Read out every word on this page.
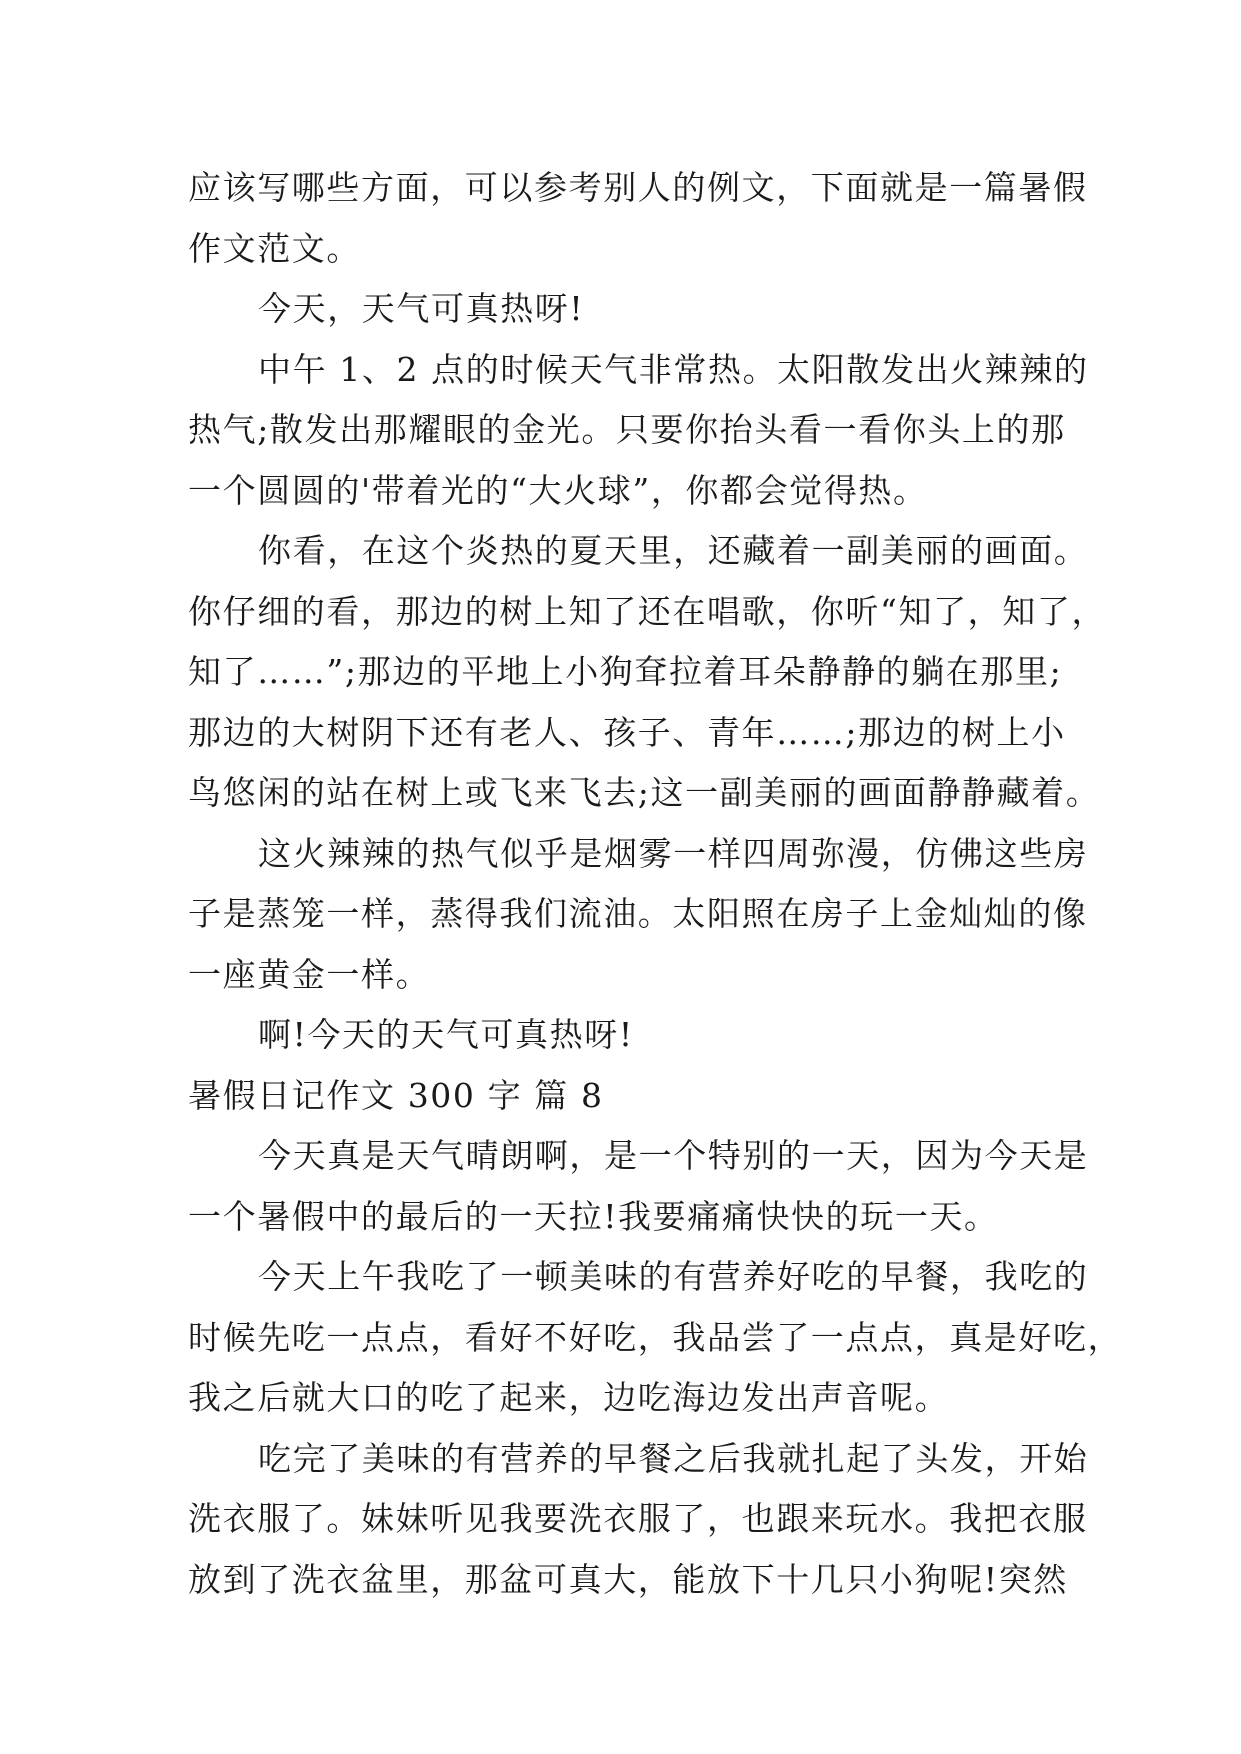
应该写哪些方面，可以参考别人的例文，下面就是一篇暑假
作文范文。
今天，天气可真热呀!
中午 1、2 点的时候天气非常热。太阳散发出火辣辣的
热气;散发出那耀眼的金光。只要你抬头看一看你头上的那
一个圆圆的'带着光的“大火球”，你都会觉得热。
你看，在这个炎热的夏天里，还藏着一副美丽的画面。
你仔细的看，那边的树上知了还在唱歌，你听“知了，知了，
知了……”;那边的平地上小狗耷拉着耳朵静静的躺在那里;
那边的大树阴下还有老人、孩子、青年……;那边的树上小
鸟悠闲的站在树上或飞来飞去;这一副美丽的画面静静藏着。
这火辣辣的热气似乎是烟雾一样四周弥漫，仿佛这些房
子是蒸笼一样，蒸得我们流油。太阳照在房子上金灿灿的像
一座黄金一样。
啊!今天的天气可真热呀!
暑假日记作文 300 字 篇 8
今天真是天气晴朗啊，是一个特别的一天，因为今天是
一个暑假中的最后的一天拉!我要痛痛快快的玩一天。
今天上午我吃了一顿美味的有营养好吃的早餐，我吃的
时候先吃一点点，看好不好吃，我品尝了一点点，真是好吃，
我之后就大口的吃了起来，边吃海边发出声音呢。
吃完了美味的有营养的早餐之后我就扎起了头发，开始
洗衣服了。妹妹听见我要洗衣服了，也跟来玩水。我把衣服
放到了洗衣盆里，那盆可真大，能放下十几只小狗呢!突然
